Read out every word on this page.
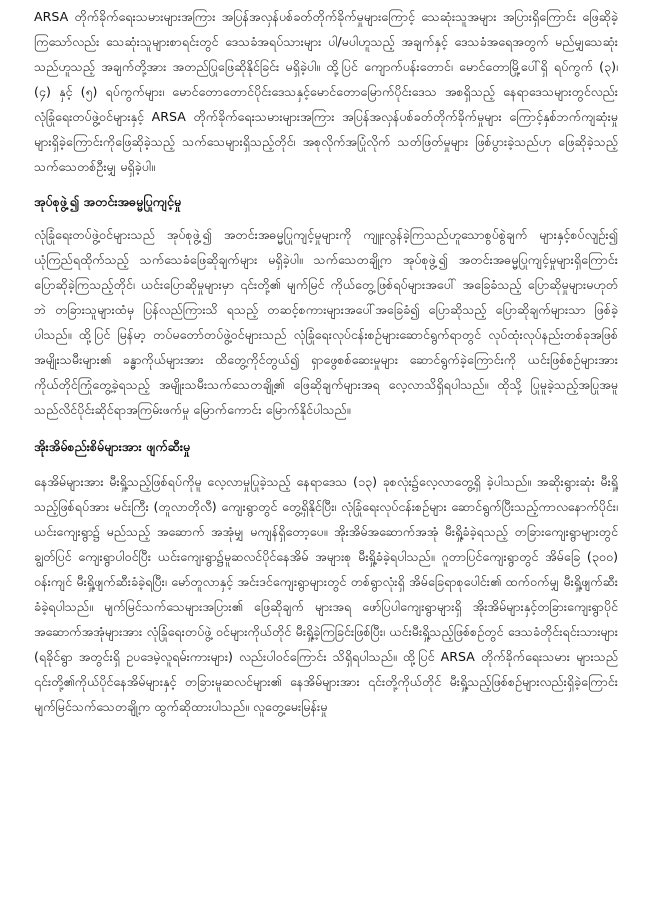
ARSA တိုက်ခိုက်ရေးသမားများအကြား အပြန်အလှန်ပစ်ခတ်တိုက်ခိုက်မှုများကြောင့် သေဆုံးသူအများ အပြားရှိကြောင်း ဖြေဆိုခဲ့ကြသော်လည်း သေဆုံးသူများစာရင်းတွင် ဒေသခံအရပ်သားများ ပါ/မပါဟူသည့် အချက်နှင့် ဒေသခံအရေအတွက် မည်မျှသေဆုံးသည်ဟူသည့် အချက်တို့အား အတည်ပြုဖြေဆိုနိုင်ခြင်း မရှိခဲ့ပါ။ ထို့ပြင် ကျောက်ပန်းတောင်၊ မောင်တောမြို့ပေါ်ရှိ ရပ်ကွက် (၃)၊ (၄) နှင့် (၅) ရပ်ကွက်များ၊ မောင်တောတောင်ပိုင်းဒေသနှင့်မောင်တောမြောက်ပိုင်းဒေသ အစရှိသည့် နေရာဒေသများတွင်လည်း လုံခြုံရေးတပ်ဖွဲ့ဝင်များနှင့် ARSA တိုက်ခိုက်ရေးသမားများအကြား အပြန်အလှန်ပစ်ခတ်တိုက်ခိုက်မှုများ ကြောင့်နှစ်ဘက်ကျဆုံးမှုများရှိခဲ့ကြောင်းကိုဖြေဆိုခဲ့သည့် သက်သေများရှိသည့်တိုင်၊ အစုလိုက်အပြုံလိုက် သတ်ဖြတ်မှုများ ဖြစ်ပွားခဲ့သည်ဟု ဖြေဆိုခဲ့သည့် သက်သေတစ်ဦးမျှ မရှိခဲ့ပါ။

အုပ်စုဖွဲ့၍ အတင်းအဓမ္မပြုကျင့်မှု

လုံခြုံရေးတပ်ဖွဲ့ဝင်များသည် အုပ်စုဖွဲ့၍ အတင်းအဓမ္မပြုကျင့်မှုများကို ကျူးလွန်ခဲ့ကြသည်ဟူသောစွပ်စွဲချက် များနှင့်စပ်လျဉ်း၍ ယုံကြည်ရထိုက်သည့် သက်သေခံဖြေဆိုချက်များ မရှိခဲ့ပါ။ သက်သေတချို့က အုပ်စုဖွဲ့၍ အတင်းအဓမ္မပြုကျင့်မှုများရှိကြောင်း ပြောဆိုခဲ့ကြသည့်တိုင်၊ ယင်းပြောဆိုမှုများမှာ ၎င်းတို့၏ မျက်မြင် ကိုယ်တွေ့ဖြစ်ရပ်များအပေါ် အခြေခံသည့် ပြောဆိုမှုများမဟုတ်ဘဲ တခြားသူများထံမှ ပြန်လည်ကြားသိ ရသည့် တဆင့်စကားများအပေါ်အခြေခံ၍ ပြောဆိုသည့် ပြောဆိုချက်များသာ ဖြစ်ခဲ့ပါသည်။ ထို့ပြင် မြန်မာ့ တပ်မတော်တပ်ဖွဲ့ဝင်များသည် လုံခြုံရေးလုပ်ငန်းစဉ်များဆောင်ရွက်ရာတွင် လုပ်ထုံးလုပ်နည်းတစ်ခုအဖြစ် အမျိုးသမီးများ၏ ခန္ဓာကိုယ်များအား ထိတွေ့ကိုင်တွယ်၍ ရှာဖွေစစ်ဆေးမှုများ ဆောင်ရွက်ခဲ့ကြောင်းကို ယင်းဖြစ်စဉ်များအား ကိုယ်တိုင်ကြုံတွေ့ခဲ့ရသည့် အမျိုးသမီးသက်သေတချို့၏ ဖြေဆိုချက်များအရ လေ့လာသိရှိရပါသည်။ ထိုသို့ ပြုမူခဲ့သည့်အပြုအမူသည်လိင်ပိုင်းဆိုင်ရာအကြမ်းဖက်မှု မြောက်ကောင်း မြောက်နိုင်ပါသည်။

အိုးအိမ်စည်းစိမ်များအား ဖျက်ဆီးမှု

နေအိမ်များအား မီးရှို့သည့်ဖြစ်ရပ်ကိုမူ လေ့လာမှုပြုခဲ့သည့် နေရာဒေသ (၁၃) ခုစလုံး၌လေ့လာတွေ့ရှိ ခဲ့ပါသည်။ အဆိုးရွားဆုံး မီးရှို့သည့်ဖြစ်ရပ်အား မင်းကြီး (တူလာတိုလီ) ကျေးရွာတွင် တွေ့ရှိနိုင်ပြီး၊ လုံခြုံရေးလုပ်ငန်းစဉ်များ ဆောင်ရွက်ပြီးသည့်ကာလနောက်ပိုင်း၊ ယင်းကျေးရွာ၌ မည်သည့် အဆောက် အအုံမျှ မကျန်ရှိတော့ပေ။ အိုးအိမ်အဆောက်အအုံ မီးရှို့ခံခဲ့ရသည့် တခြားကျေးရွာများတွင် ချွတ်ပြင် ကျေးရွာပါဝင်ပြီး ယင်းကျေးရွာ၌မူဆလင်ပိုင်နေအိမ် အများစု မီးရှို့ခံခဲ့ရပါသည်။ ဂူတာပြင်ကျေးရွာတွင် အိမ်ခြေ (၃၀၀) ဝန်းကျင် မီးရှို့ဖျက်ဆီးခံခဲ့ရပြီး၊ မော်တူလာနှင့် အင်းဒင်ကျေးရွာများတွင် တစ်ရွာလုံးရှိ အိမ်ခြေရာစုပေါင်း၏ ထက်ဝက်မျှ မီးရှို့ဖျက်ဆီးခံခဲ့ရပါသည်။ မျက်မြင်သက်သေများအပြား၏ ဖြေဆိုချက် များအရ ဖော်ပြပါကျေးရွာများရှိ အိုးအိမ်များနှင့်တခြားကျေးရွာပိုင်အဆောက်အအုံများအား လုံခြုံရေးတပ်ဖွဲ့ ဝင်များကိုယ်တိုင် မီးရှို့ခဲ့ကြခြင်းဖြစ်ပြီး၊ ယင်းမီးရှို့သည့်ဖြစ်စဉ်တွင် ဒေသခံတိုင်းရင်းသားများ (ရခိုင်ရွာ အတွင်းရှိ ဥပဒေမဲ့လူရမ်းကားများ) လည်းပါဝင်ကြောင်း သိရှိရပါသည်။ ထို့ပြင် ARSA တိုက်ခိုက်ရေးသမား များသည် ၎င်းတို့၏ကိုယ်ပိုင်နေအိမ်များနှင့် တခြားမူဆလင်များ၏ နေအိမ်များအား ၎င်းတို့ကိုယ်တိုင် မီးရှို့သည့်ဖြစ်စဉ်များလည်းရှိခဲ့ကြောင်း မျက်မြင်သက်သေတချို့က ထွက်ဆိုထားပါသည်။ လူတွေ့မေးမြန်းမှု
